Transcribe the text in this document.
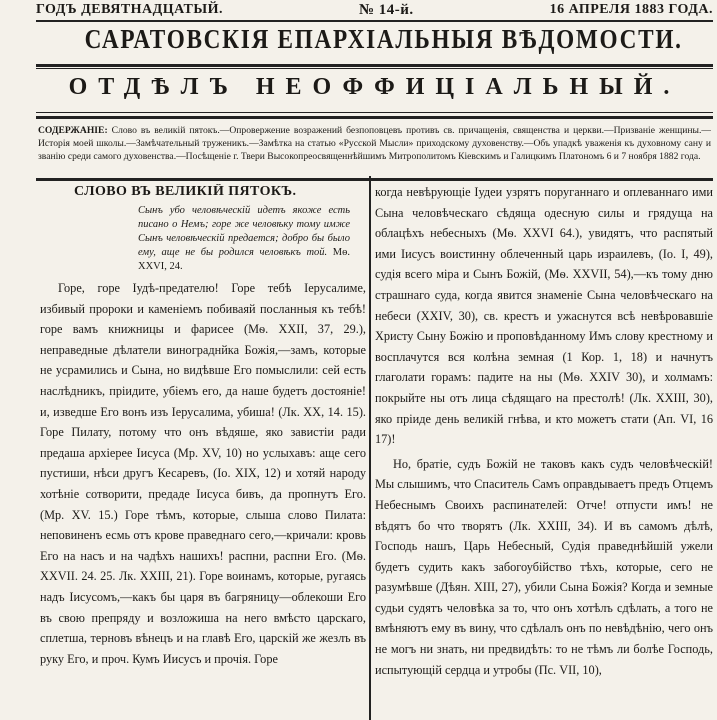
ГОДЪ ДЕВЯТНАДЦАТЫЙ.	№ 14-й.	16 АПРЕЛЯ 1883 ГОДА.
САРАТОВСКІЯ ЕПАРХІАЛЬНЫЯ ВѢДОМОСТИ.
ОТДѢЛЪ НЕОФФИЦІАЛЬНЫЙ.
СОДЕРЖАНІЕ: Слово въ великій пятокъ.—Опровержение возражений безпоповцевъ противъ св. причащенія, священства и церкви.—Призваніе женщины.—Исторія моей школы.—Замѣчательный труженикъ.—Замѣтка на статью «Русской Мысли» приходскому духовенству.—Объ упадкѣ уваженія къ духовному сану и званію среди самого духовенства.—Посѣщеніе г. Твери Высокопреосвященнѣйшимъ Митрополитомъ Кіевскимъ и Галицкимъ Платономъ 6 и 7 ноября 1882 года.
СЛОВО ВЪ ВЕЛИКІЙ ПЯТОКЪ.
Сынъ убо человѣческій идетъ якоже есть писано о Немъ; горе же человѣку тому имже Сынъ человѣческій предается; добро бы было ему, аще не бы родился человѣкъ той. Мѳ. XXVI, 24.

Горе, горе Іудѣ-предателю! Горе тебѣ Іерусалиме, избивый пророки и каменіемъ побиваяй посланныя къ тебѣ! горе вамъ книжницы и фарисее (Мѳ. XXII, 37, 29.), неправедные дѣлатели винограднйка Божія,—замъ, которые не усрамились и Сына, но видѣвше Его помыслили: сей есть наслѣдникъ, пріидите, убіемъ его, да наше будетъ достояніе! и, изведше Его вонъ изъ Іерусалима, убиша! (Лк. XX, 14. 15). Горе Пилату, потому что онъ вѣдяше, яко завистіи ради предаша архіерее Іисуса (Мр. XV, 10) но услыхавъ: аще сего пустиши, нѣси другъ Кесаревъ, (Іо. XIX, 12) и хотяй народу хотѣніе сотворити, предаде Іисуса бивъ, да пропнутъ Его. (Мр. XV. 15.) Горе тѣмъ, которые, слыша слово Пилата: неповиненъ есмь отъ крове праведнаго сего,—кричали: кровь Его на насъ и на чадѣхъ нашихъ! распни, распни Его. (Мѳ. XXVII. 24. 25. Лк. XXIII, 21). Горе воинамъ, которые, ругаясь надъ Іисусомъ,—какъ бы царя въ багряницу—облекоши Его въ свою препряду и возложиша на него вмѣсто царскаго, сплетша, терновъ вѣнецъ и на главѣ Его, царскій же жезлъ въ руку Его, и проч. Кумъ Иисусъ и прочія. Горе

когда невѣрующіе Іудеи узрятъ поруганнаго и оплеваннаго ими Сына человѣческаго сѣдяща одесную силы и грядуща на облацѣхъ небесныхъ (Мѳ. XXVI 64.), увидятъ, что распятый ими Іисусъ воистинну облеченный царь израилевъ, (Іо. I, 49), судія всего міра и Сынъ Божій, (Мѳ. XXVII, 54),—къ тому дню страшнаго суда, когда явится знаменіе Сына человѣческаго на небеси (XXIV, 30), св. крестъ и ужаснутся всѣ невѣровавшіе Христу Сыну Божію и проповѣданному Имъ слову крестному и восплачутся вся колѣна земная (1 Кор. 1, 18) и начнутъ глаголати горамъ: падите на ны (Мѳ. XXIV 30), и холмамъ: покрыйте ны отъ лица сѣдящаго на престолѣ! (Лк. XXIII, 30), яко пріиде день великій гнѣва, и кто можетъ стати (Ап. VI, 16 17)!

Но, братіе, судъ Божій не таковъ какъ судъ человѣческій! Мы слышимъ, что Спаситель Самъ оправдываетъ предъ Отцемъ Небеснымъ Своихъ распинателей: Отче! отпусти имъ! не вѣдятъ бо что творятъ (Лк. XXIII, 34). И въ самомъ дѣлѣ, Господь нашъ, Царь Небесный, Судія праведнѣйшій ужели будетъ судить какъ забогоубійство тѣхъ, которые, сего не разумѣвше (Дѣян. XIII, 27), убили Сына Божія? Когда и земные судьи судятъ человѣка за то, что онъ хотѣлъ сдѣлать, а того не вмѣняютъ ему въ вину, что сдѣлалъ онъ по невѣдѣнію, чего онъ не могъ ни знать, ни предвидѣть: то не тѣмъ ли болѣе Господь, испытующій сердца и утробы (Пс. VII, 10),
